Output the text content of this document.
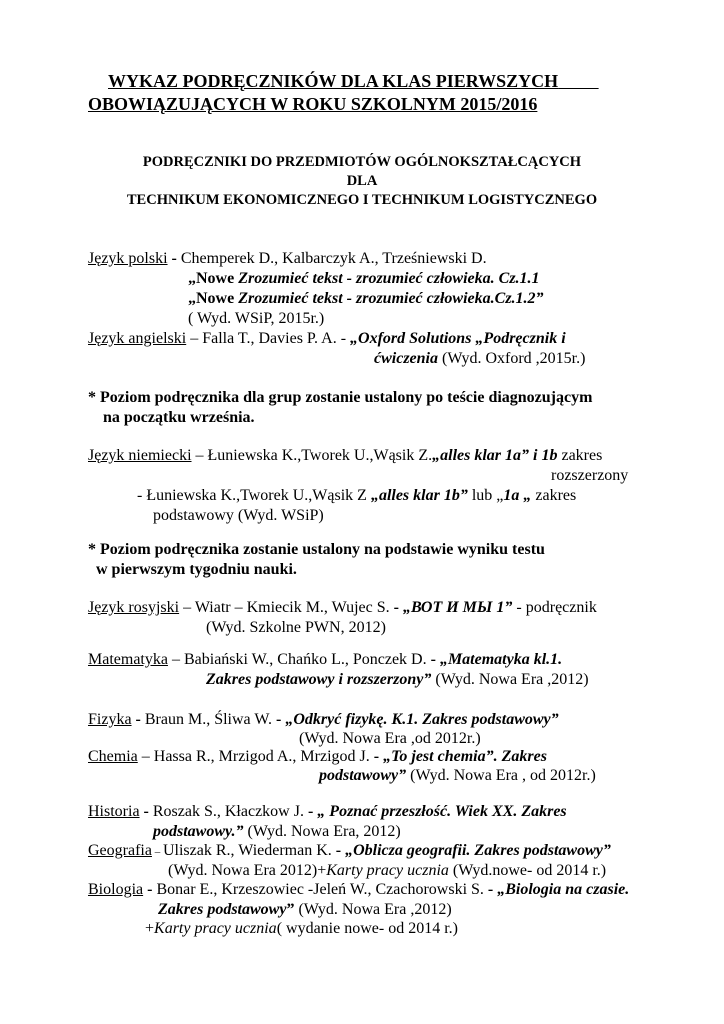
WYKAZ PODRĘCZNIKÓW DLA KLAS PIERWSZYCH
OBOWIĄZUJĄCYCH W ROKU SZKOLNYM 2015/2016
PODRĘCZNIKI DO PRZEDMIOTÓW OGÓLNOKSZTAŁCĄCYCH
DLA
TECHNIKUM EKONOMICZNEGO I TECHNIKUM LOGISTYCZNEGO
Język polski - Chemperek D., Kalbarczyk A., Trześniewski D.
„Nowe Zrozumieć tekst - zrozumieć człowieka. Cz.1.1
„Nowe Zrozumieć tekst - zrozumieć człowieka.Cz.1.2”
( Wyd. WSiP, 2015r.)
Język angielski – Falla T., Davies P. A. - „Oxford Solutions „Podręcznik i
ćwiczenia (Wyd. Oxford ,2015r.)
* Poziom podręcznika dla grup zostanie ustalony po teście diagnozującym
na początku września.
Język niemiecki – Łuniewska K.,Tworek U.,Wąsik Z.„alles klar 1a” i 1b zakres
rozszerzony
- Łuniewska K.,Tworek U.,Wąsik Z „alles klar 1b” lub „1a „ zakres
podstawowy (Wyd. WSiP)
* Poziom podręcznika zostanie ustalony na podstawie wyniku testu
w pierwszym tygodniu nauki.
Język rosyjski – Wiatr – Kmiecik M., Wujec S. - „ВОТ И МЫ 1” - podręcznik
(Wyd. Szkolne PWN, 2012)
Matematyka – Babiański W., Chańko L., Ponczek D. - „Matematyka kl.1.
Zakres podstawowy i rozszerzony” (Wyd. Nowa Era ,2012)
Fizyka - Braun M., Śliwa W. - „Odkryć fizykę. K.1. Zakres podstawowy”
(Wyd. Nowa Era ,od 2012r.)
Chemia – Hassa R., Mrzigod A., Mrzigod J. - „To jest chemia”. Zakres
podstawowy” (Wyd. Nowa Era , od 2012r.)
Historia - Roszak S., Kłaczkow J. - „ Poznać przeszłość. Wiek XX. Zakres
podstawowy.” (Wyd. Nowa Era, 2012)
Geografia – Uliszak R., Wiederman K. - „Oblicza geografii. Zakres podstawowy”
(Wyd. Nowa Era 2012)+Karty pracy ucznia (Wyd.nowe- od 2014 r.)
Biologia - Bonar E., Krzeszowiec -Jeleń W., Czachorowski S. - „Biologia na czasie.
Zakres podstawowy” (Wyd. Nowa Era ,2012)
+Karty pracy ucznia( wydanie nowe- od 2014 r.)
